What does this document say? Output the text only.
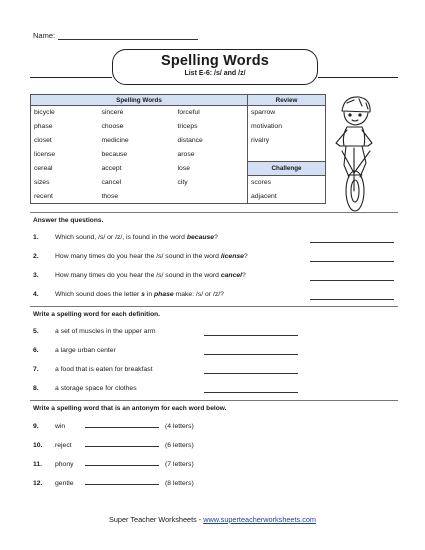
Name:
Spelling Words
List E-6: /s/ and /z/
Spelling Words			Review
bicycle	sincere	forceful	sparrow
phase	choose	triceps	motivation
closet	medicine	distance	rivalry
license	because	arose	
cereal	accept	lose	Challenge
sizes	cancel	city	scores
recent	those		adjacent
Answer the questions.
1. Which sound, /s/ or /z/, is found in the word because?
2. How many times do you hear the /s/ sound in the word license?
3. How many times do you hear the /s/ sound in the word cancel?
4. Which sound does the letter s in phase make: /s/ or /z/?
Write a spelling word for each definition.
5. a set of muscles in the upper arm
6. a large urban center
7. a food that is eaten for breakfast
8. a storage space for clothes
Write a spelling word that is an antonym for each word below.
9. win	(4 letters)
10. reject	(6 letters)
11. phony	(7 letters)
12. gentle	(8 letters)
Super Teacher Worksheets - www.superteacherworksheets.com
